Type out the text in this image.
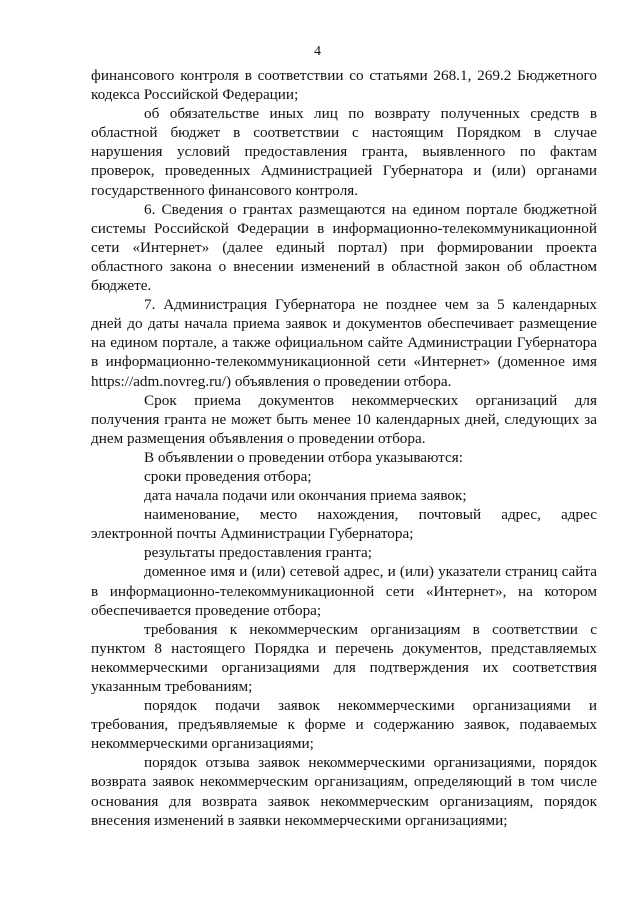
4

финансового контроля в соответствии со статьями 268.1, 269.2 Бюджетного кодекса Российской Федерации;

об обязательстве иных лиц по возврату полученных средств в областной бюджет в соответствии с настоящим Порядком в случае нарушения условий предоставления гранта, выявленного по фактам проверок, проведенных Администрацией Губернатора и (или) органами государственного финансового контроля.

6. Сведения о грантах размещаются на едином портале бюджетной системы Российской Федерации в информационно-телекоммуникационной сети «Интернет» (далее единый портал) при формировании проекта областного закона о внесении изменений в областной закон об областном бюджете.

7. Администрация Губернатора не позднее чем за 5 календарных дней до даты начала приема заявок и документов обеспечивает размещение на едином портале, а также официальном сайте Администрации Губернатора в информационно-телекоммуникационной сети «Интернет» (доменное имя https://adm.novreg.ru/) объявления о проведении отбора.

Срок приема документов некоммерческих организаций для получения гранта не может быть менее 10 календарных дней, следующих за днем размещения объявления о проведении отбора.

В объявлении о проведении отбора указываются:

сроки проведения отбора;

дата начала подачи или окончания приема заявок;

наименование, место нахождения, почтовый адрес, адрес электронной почты Администрации Губернатора;

результаты предоставления гранта;

доменное имя и (или) сетевой адрес, и (или) указатели страниц сайта в информационно-телекоммуникационной сети «Интернет», на котором обеспечивается проведение отбора;

требования к некоммерческим организациям в соответствии с пунктом 8 настоящего Порядка и перечень документов, представляемых некоммерческими организациями для подтверждения их соответствия указанным требованиям;

порядок подачи заявок некоммерческими организациями и требования, предъявляемые к форме и содержанию заявок, подаваемых некоммерческими организациями;

порядок отзыва заявок некоммерческими организациями, порядок возврата заявок некоммерческим организациям, определяющий в том числе основания для возврата заявок некоммерческим организациям, порядок внесения изменений в заявки некоммерческими организациями;
